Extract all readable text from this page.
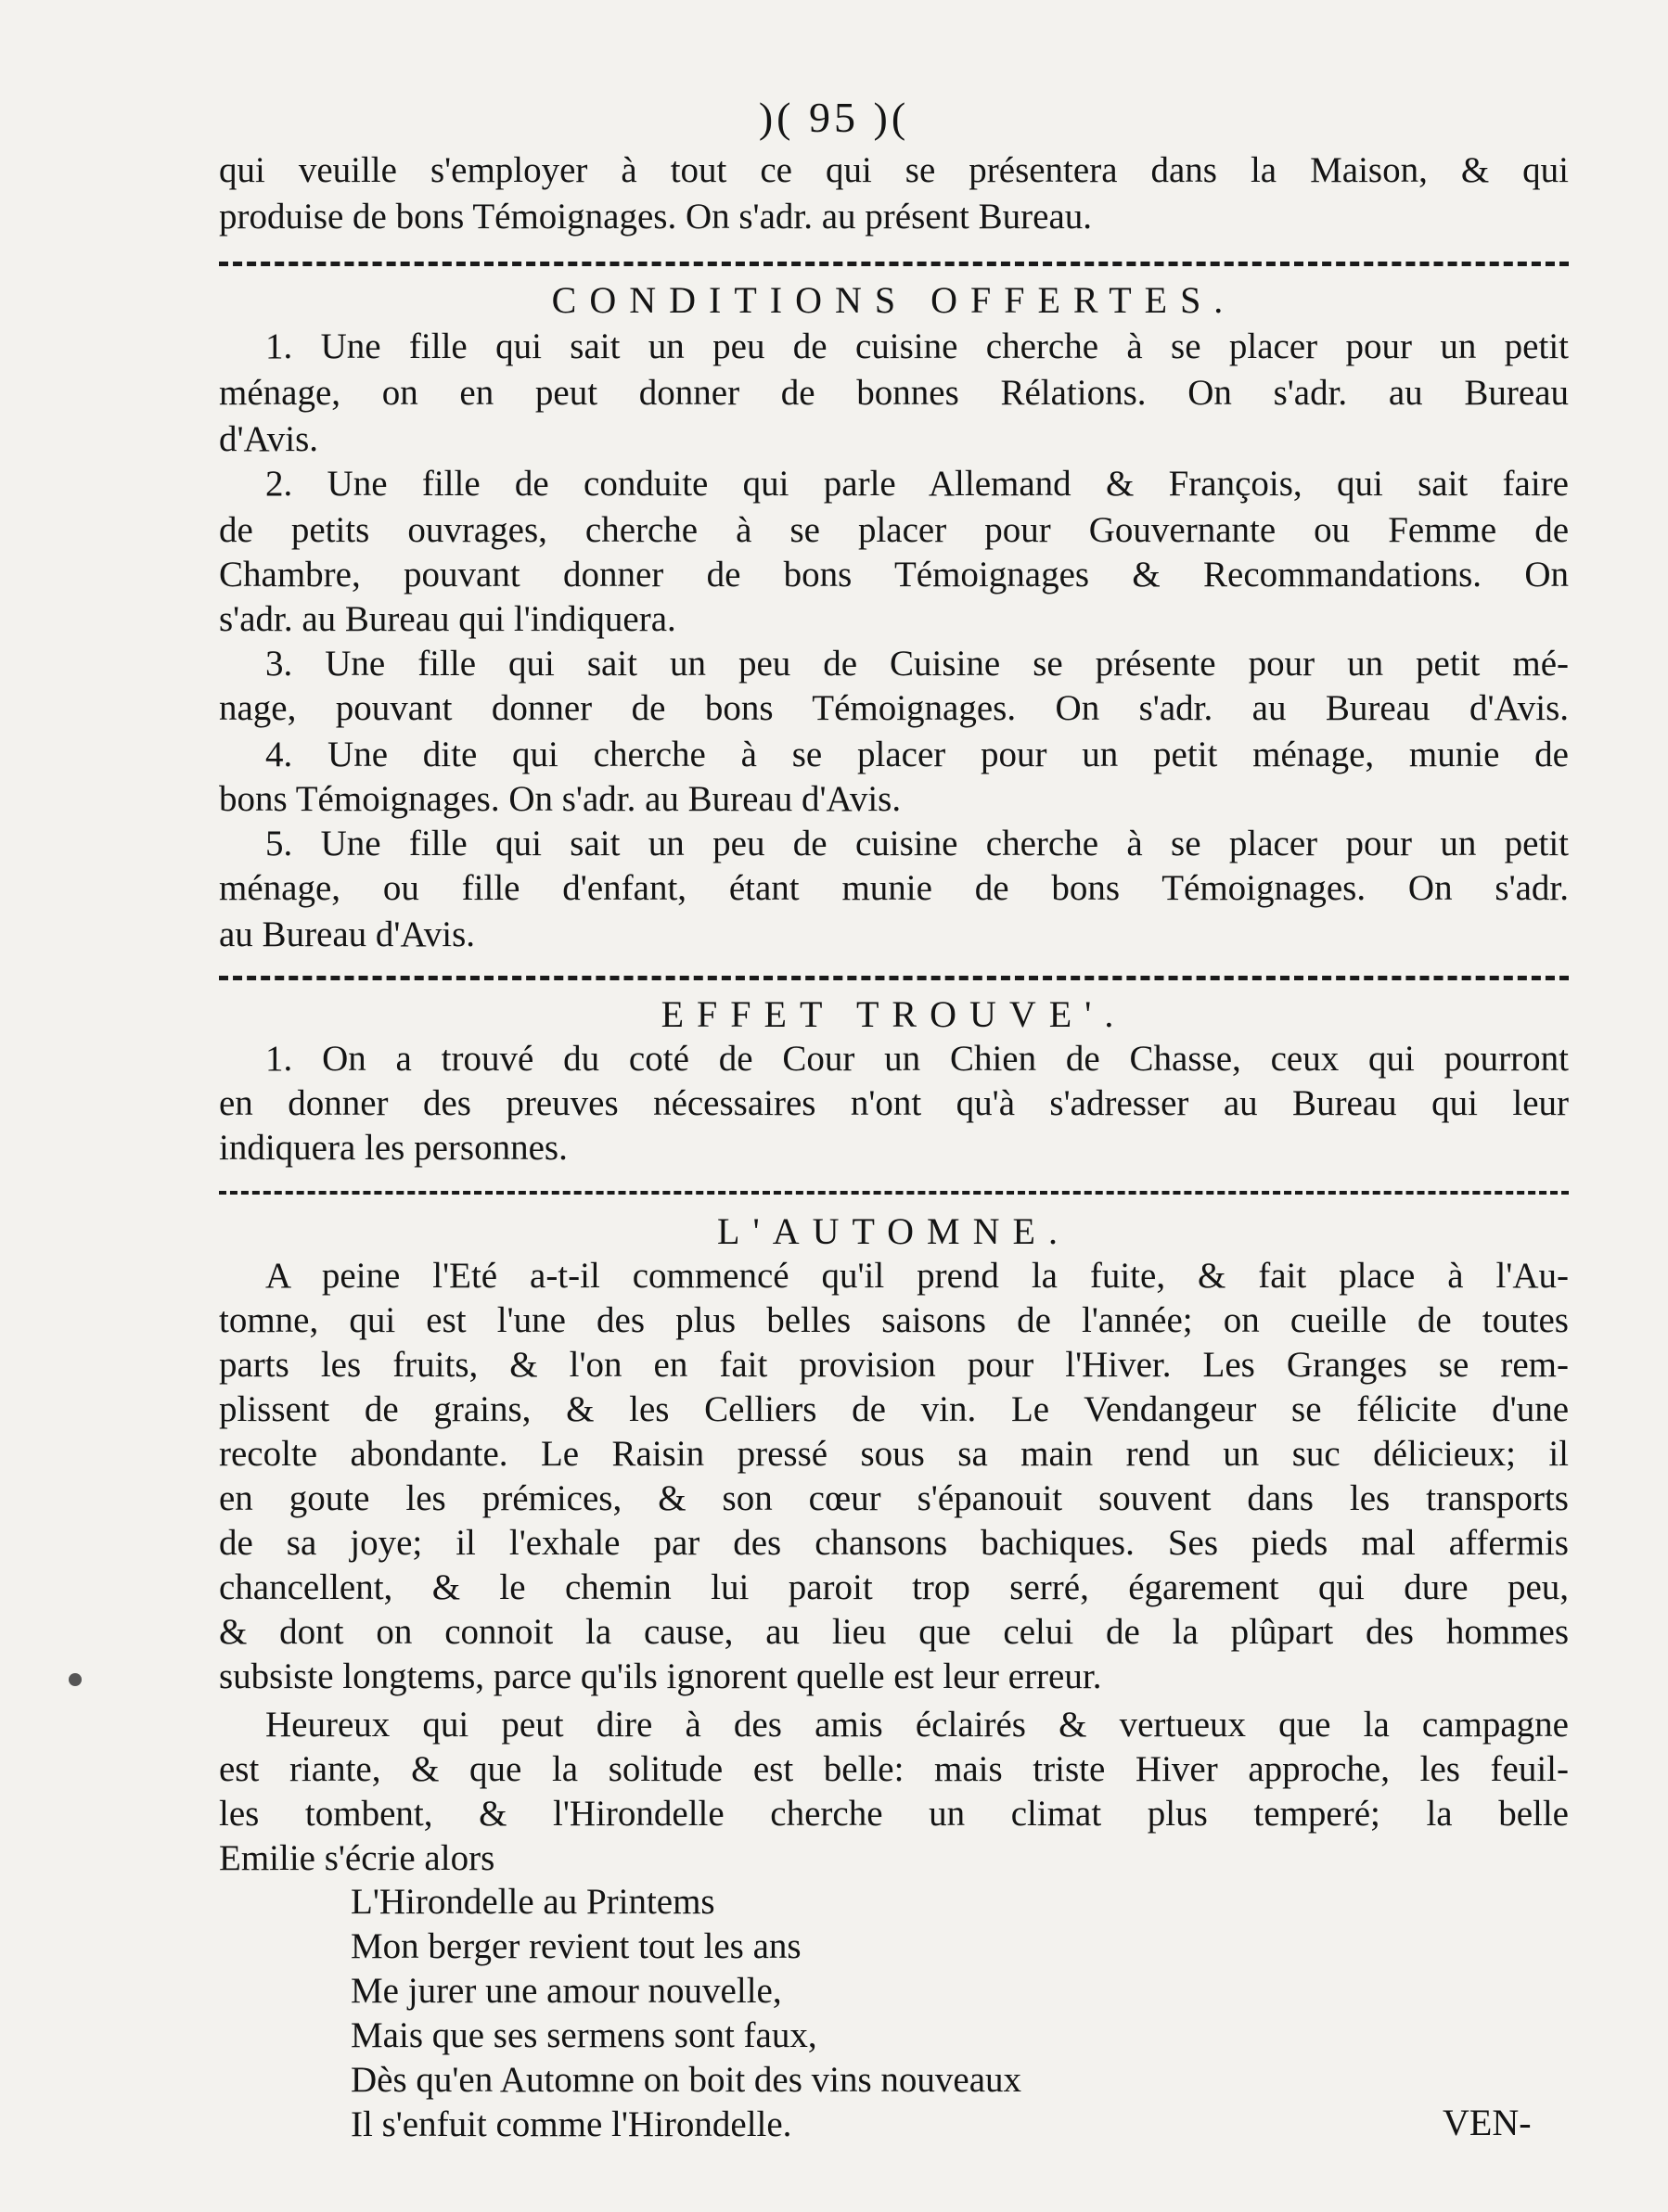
)( 95 )(
qui veuille s'employer à tout ce qui se présentera dans la Maison, & qui
produise de bons Témoignages. On s'adr. au présent Bureau.
CONDITIONS OFFERTES.
1. Une fille qui sait un peu de cuisine cherche à se placer pour un petit
ménage, on en peut donner de bonnes Rélations. On s'adr. au Bureau
d'Avis.
2. Une fille de conduite qui parle Allemand & François, qui sait faire
de petits ouvrages, cherche à se placer pour Gouvernante ou Femme de
Chambre, pouvant donner de bons Témoignages & Recommandations. On
s'adr. au Bureau qui l'indiquera.
3. Une fille qui sait un peu de Cuisine se présente pour un petit mé-
nage, pouvant donner de bons Témoignages. On s'adr. au Bureau d'Avis.
4. Une dite qui cherche à se placer pour un petit ménage, munie de
bons Témoignages. On s'adr. au Bureau d'Avis.
5. Une fille qui sait un peu de cuisine cherche à se placer pour un petit
ménage, ou fille d'enfant, étant munie de bons Témoignages. On s'adr.
au Bureau d'Avis.
EFFET TROUVE'.
1. On a trouvé du coté de Cour un Chien de Chasse, ceux qui pourront
en donner des preuves nécessaires n'ont qu'à s'adresser au Bureau qui leur
indiquera les personnes.
L'AUTOMNE.
A peine l'Eté a-t-il commencé qu'il prend la fuite, & fait place à l'Au-
tomne, qui est l'une des plus belles saisons de l'année; on cueille de toutes
parts les fruits, & l'on en fait provision pour l'Hiver. Les Granges se rem-
plissent de grains, & les Celliers de vin. Le Vendangeur se félicite d'une
recolte abondante. Le Raisin pressé sous sa main rend un suc délicieux; il
en goute les prémices, & son cœur s'épanouit souvent dans les transports
de sa joye; il l'exhale par des chansons bachiques. Ses pieds mal affermis
chancellent, & le chemin lui paroit trop serré, égarement qui dure peu,
& dont on connoit la cause, au lieu que celui de la plûpart des hommes
subsiste longtems, parce qu'ils ignorent quelle est leur erreur.
Heureux qui peut dire à des amis éclairés & vertueux que la campagne
est riante, & que la solitude est belle: mais triste Hiver approche, les feuil-
les tombent, & l'Hirondelle cherche un climat plus temperé; la belle
Emilie s'écrie alors
L'Hirondelle au Printems
Mon berger revient tout les ans
Me jurer une amour nouvelle,
Mais que ses sermens sont faux,
Dès qu'en Automne on boit des vins nouveaux
Il s'enfuit comme l'Hirondelle.	VEN-
